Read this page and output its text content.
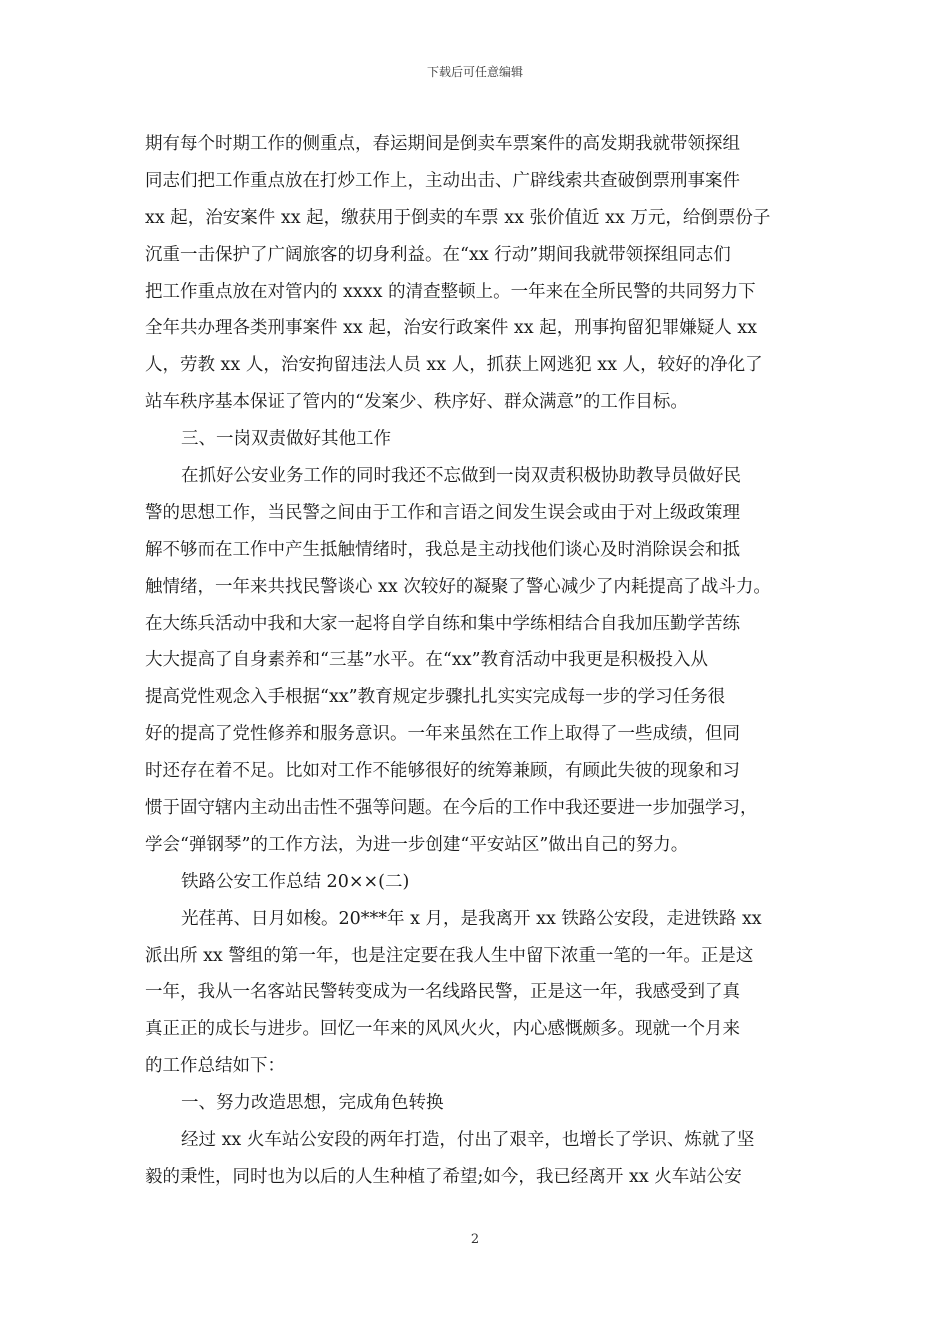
下载后可任意编辑
期有每个时期工作的侧重点，春运期间是倒卖车票案件的高发期我就带领探组
同志们把工作重点放在打炒工作上，主动出击、广辟线索共查破倒票刑事案件
xx 起，治安案件 xx 起，缴获用于倒卖的车票 xx 张价值近 xx 万元，给倒票份子
沉重一击保护了广阔旅客的切身利益。在“xx 行动”期间我就带领探组同志们
把工作重点放在对管内的 xxxx 的清查整顿上。一年来在全所民警的共同努力下
全年共办理各类刑事案件 xx 起，治安行政案件 xx 起，刑事拘留犯罪嫌疑人 xx
人，劳教 xx 人，治安拘留违法人员 xx 人，抓获上网逃犯 xx 人，较好的净化了
站车秩序基本保证了管内的“发案少、秩序好、群众满意”的工作目标。
三、一岗双责做好其他工作
在抓好公安业务工作的同时我还不忘做到一岗双责积极协助教导员做好民
警的思想工作，当民警之间由于工作和言语之间发生误会或由于对上级政策理
解不够而在工作中产生抵触情绪时，我总是主动找他们谈心及时消除误会和抵
触情绪，一年来共找民警谈心 xx 次较好的凝聚了警心减少了内耗提高了战斗力。
在大练兵活动中我和大家一起将自学自练和集中学练相结合自我加压勤学苦练
大大提高了自身素养和“三基”水平。在“xx”教育活动中我更是积极投入从
提高党性观念入手根据“xx”教育规定步骤扎扎实实完成每一步的学习任务很
好的提高了党性修养和服务意识。一年来虽然在工作上取得了一些成绩，但同
时还存在着不足。比如对工作不能够很好的统筹兼顾，有顾此失彼的现象和习
惯于固守辖内主动出击性不强等问题。在今后的工作中我还要进一步加强学习，
学会“弹钢琴”的工作方法，为进一步创建“平安站区”做出自己的努力。
铁路公安工作总结 20××(二)
光荏苒、日月如梭。20***年 x 月，是我离开 xx 铁路公安段，走进铁路 xx
派出所 xx 警组的第一年，也是注定要在我人生中留下浓重一笔的一年。正是这
一年，我从一名客站民警转变成为一名线路民警，正是这一年，我感受到了真
真正正的成长与进步。回忆一年来的风风火火，内心感慨颇多。现就一个月来
的工作总结如下：
一、努力改造思想，完成角色转换
经过 xx 火车站公安段的两年打造，付出了艰辛，也增长了学识、炼就了坚
毅的秉性，同时也为以后的人生种植了希望;如今，我已经离开 xx 火车站公安
2
